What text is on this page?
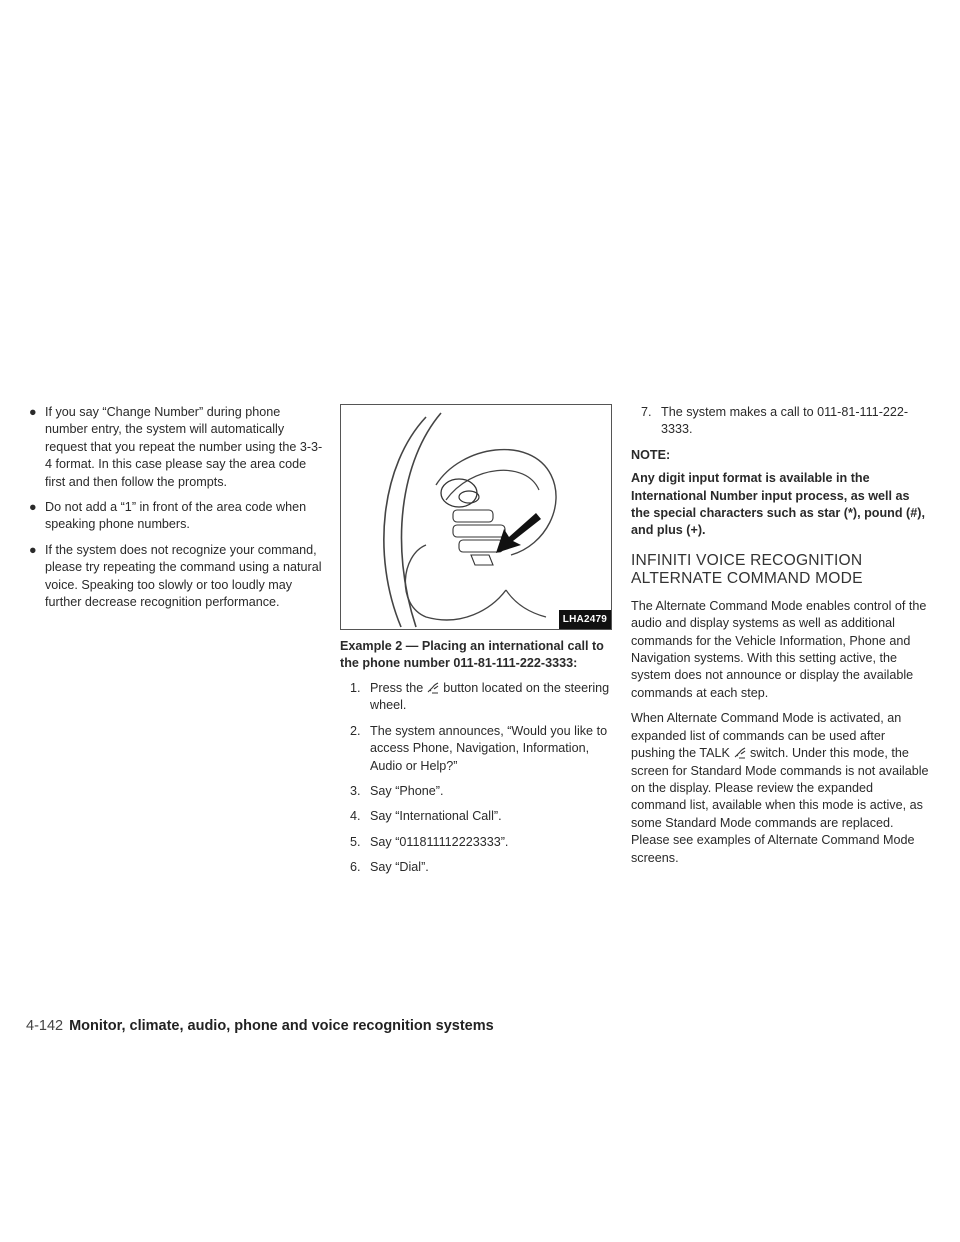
● If you say “Change Number” during phone number entry, the system will automatically request that you repeat the number using the 3-3-4 format. In this case please say the area code first and then follow the prompts.
● Do not add a “1” in front of the area code when speaking phone numbers.
● If the system does not recognize your command, please try repeating the command using a natural voice. Speaking too slowly or too loudly may further decrease recognition performance.
LHA2479
Example 2 — Placing an international call to the phone number 011-81-111-222-3333:
1. Press the button located on the steering wheel.
2. The system announces, “Would you like to access Phone, Navigation, Information, Audio or Help?”
3. Say “Phone”.
4. Say “International Call”.
5. Say “011811112223333”.
6. Say “Dial”.
7. The system makes a call to 011-81-111-222-3333.
NOTE:
Any digit input format is available in the International Number input process, as well as the special characters such as star (*), pound (#), and plus (+).
INFINITI VOICE RECOGNITION
ALTERNATE COMMAND MODE
The Alternate Command Mode enables control of the audio and display systems as well as additional commands for the Vehicle Information, Phone and Navigation systems. With this setting active, the system does not announce or display the available commands at each step.
When Alternate Command Mode is activated, an expanded list of commands can be used after pushing the TALK switch. Under this mode, the screen for Standard Mode commands is not available on the display. Please review the expanded command list, available when this mode is active, as some Standard Mode commands are replaced. Please see examples of Alternate Command Mode screens.
4-142 Monitor, climate, audio, phone and voice recognition systems
